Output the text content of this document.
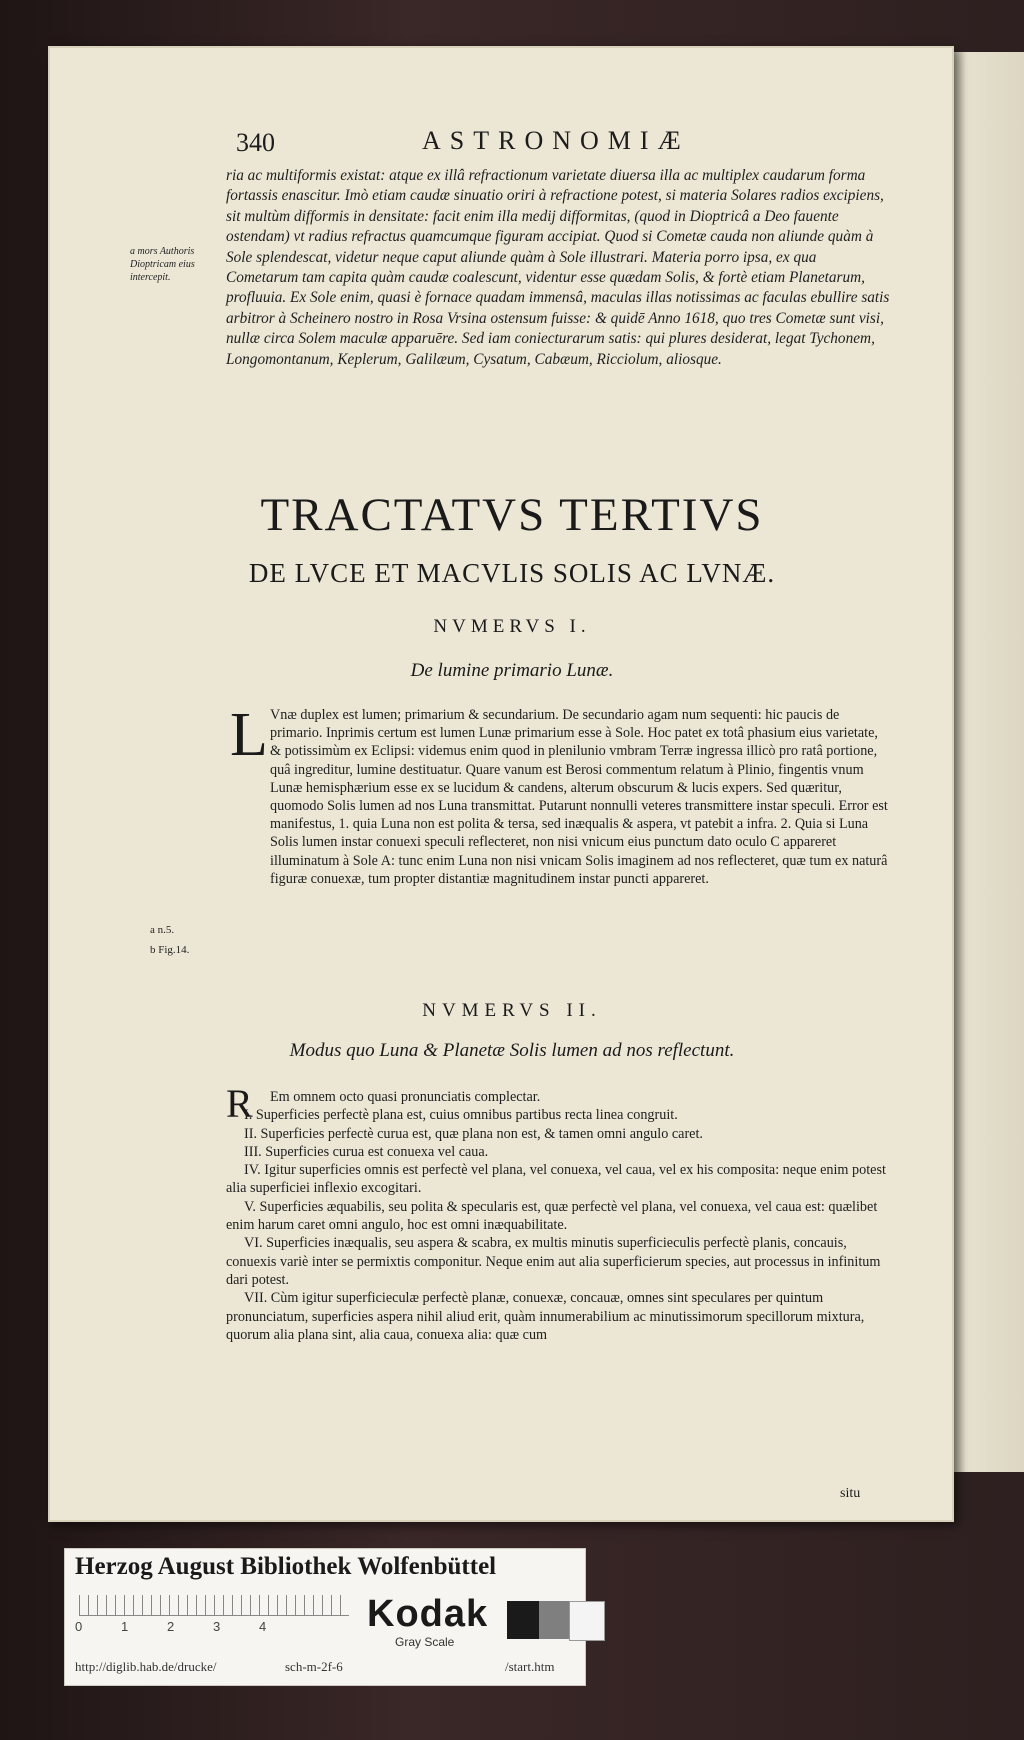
340	ASTRONOMIÆ
ria ac multiformis existat: atque ex illâ refractionum varietate diuersa illa ac multiplex caudarum forma fortassis enascitur. Imò etiam caudæ sinuatio oriri à refractione potest, si materia Solares radios excipiens, sit multùm difformis in densitate: facit enim illa medij difformitas, (quod in Dioptricâ a Deo fauente ostendam) vt radius refractus quamcumque figuram accipiat. Quod si Cometæ cauda non aliunde quàm à Sole splendescat, videtur neque caput aliunde quàm à Sole illustrari. Materia porro ipsa, ex qua Cometarum tam capita quàm caudæ coalescunt, videntur esse quædam Solis, & fortè etiam Planetarum, profluuia. Ex Sole enim, quasi è fornace quadam immensâ, maculas illas notissimas ac faculas ebullire satis arbitror à Scheinero nostro in Rosa Vrsina ostensum fuisse: & quidē Anno 1618, quo tres Cometæ sunt visi, nullæ circa Solem maculæ apparuēre. Sed iam coniecturarum satis: qui plures desiderat, legat Tychonem, Longomontanum, Keplerum, Galilæum, Cysatum, Cabæum, Ricciolum, aliosque.
a mors Authoris Dioptricam eius intercepit.
TRACTATVS TERTIVS
DE LVCE ET MACVLIS SOLIS AC LVNÆ.
NVMERVS I.
De lumine primario Lunæ.
L Vnæ duplex est lumen; primarium & secundarium. De secundario agam num sequenti: hic paucis de primario. Inprimis certum est lumen Lunæ primarium esse à Sole. Hoc patet ex totâ phasium eius varietate, & potissimùm ex Eclipsi: videmus enim quod in plenilunio vmbram Terræ ingressa illicò pro ratâ portione, quâ ingreditur, lumine destituatur. Quare vanum est Berosi commentum relatum à Plinio, fingentis vnum Lunæ hemisphærium esse ex se lucidum & candens, alterum obscurum & lucis expers. Sed quæritur, quomodo Solis lumen ad nos Luna transmittat. Putarunt nonnulli veteres transmittere instar speculi. Error est manifestus, 1. quia Luna non est polita & tersa, sed inæqualis & aspera, vt patebit a infra. 2. Quia si Luna Solis lumen instar conuexi speculi reflecteret, non nisi vnicum eius punctum dato oculo C appareret illuminatum à Sole A: tunc enim Luna non nisi vnicam Solis imaginem ad nos reflecteret, quæ tum ex naturâ figuræ conuexæ, tum propter distantiæ magnitudinem instar puncti appareret.
a n.5.
b Fig.14.
NVMERVS II.
Modus quo Luna & Planetæ Solis lumen ad nos reflectunt.
R	Em omnem octo quasi pronunciatis complectar.

I. Superficies perfectè plana est, cuius omnibus partibus recta linea congruit.

II. Superficies perfectè curua est, quæ plana non est, & tamen omni angulo caret.

III. Superficies curua est conuexa vel caua.

IV. Igitur superficies omnis est perfectè vel plana, vel conuexa, vel caua, vel ex his composita: neque enim potest alia superficiei inflexio excogitari.

V. Superficies æquabilis, seu polita & specularis est, quæ perfectè vel plana, vel conuexa, vel caua est: quælibet enim harum caret omni angulo, hoc est omni inæquabilitate.

VI. Superficies inæqualis, seu aspera & scabra, ex multis minutis superficieculis perfectè planis, concauis, conuexis variè inter se permixtis componitur. Neque enim aut alia superficierum species, aut processus in infinitum dari potest.

VII. Cùm igitur superficieculæ perfectè planæ, conuexæ, concauæ, omnes sint speculares per quintum pronunciatum, superficies aspera nihil aliud erit, quàm innumerabilium ac minutissimorum specillorum mixtura, quorum alia plana sint, alia caua, conuexa alia: quæ cum

situ
Herzog August Bibliothek Wolfenbüttel
0	1	2	3	4	Kodak
Gray Scale
http://diglib.hab.de/drucke/	sch-m-2f-6	/start.htm
